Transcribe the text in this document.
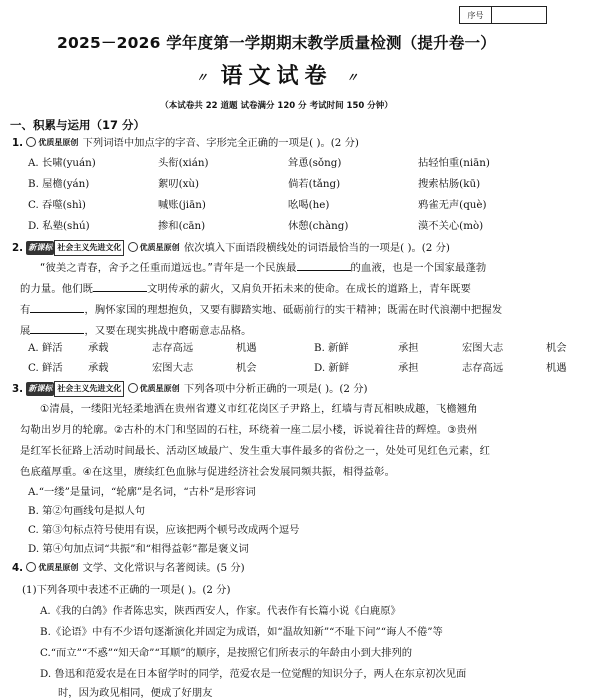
序号
2025－2026 学年度第一学期期末教学质量检测（提升卷一）
〃 语文试卷 〃
（本试卷共 22 道题 试卷满分 120 分 考试时间 150 分钟）
一、积累与运用（17 分）
1. 优质星原创 下列词语中加点字的字音、字形完全正确的一项是( )。(2 分)
A. 长啸(yuán)	头衔(xián)	耸恿(sǒng)	拈轻怕重(niān)
B. 屋檐(yán)	絮叨(xù)	倘若(tǎng)	搜索枯肠(kū)
C. 吞噬(shì)	喊账(jiān)	吆喝(he)	鸦雀无声(què)
D. 私塾(shú)	掺和(cān)	休憩(chàng)	漠不关心(mò)
2. 新课标 社会主义先进文化 优质星原创 依次填入下面语段横线处的词语最恰当的一项是( )。(2 分)

“彼美之青春，舍予之任重而道远也。”青年是一个民族最	的血液，也是一个国家最蓬勃

的力量。他们既	文明传承的薪火，又肩负开拓未来的使命。在成长的道路上，青年既要

有	，胸怀家国的理想抱负，又要有脚踏实地、砥砺前行的实干精神；既需在时代浪潮中把握发

展	，又要在现实挑战中磨砺意志品格。

A. 鲜活	承载	志存高远	机遇	B. 新鲜	承担	宏图大志	机会
C. 鲜活	承载	宏图大志	机会	D. 新鲜	承担	志存高远	机遇
3. 新课标 社会主义先进文化 优质星原创 下列各项中分析正确的一项是( )。(2 分)

①清晨，一缕阳光轻柔地洒在贵州省遵义市红花岗区子尹路上，红墙与青瓦相映成趣，飞檐翘角

勾勒出岁月的轮廓。②古朴的木门和坚固的石柱，环绕着一座二层小楼，诉说着往昔的辉煌。③贵州

是红军长征路上活动时间最长、活动区域最广、发生重大事件最多的省份之一，处处可见红色元素，红

色底蕴厚重。④在这里，赓续红色血脉与促进经济社会发展同频共振，相得益彰。

A.“一缕”是量词，“轮廓”是名词，“古朴”是形容词
B. 第②句画线句是拟人句
C. 第③句标点符号使用有误，应该把两个顿号改成两个逗号
D. 第④句加点词“共振”和“相得益彰”都是褒义词
4. 优质星原创 文学、文化常识与名著阅读。(5 分)
(1)下列各项中表述不正确的一项是( )。(2 分)
A.《我的白鸽》作者陈忠实，陕西西安人，作家。代表作有长篇小说《白鹿原》
B.《论语》中有不少语句逐渐演化并固定为成语，如“温故知新”“不耻下问”“诲人不倦”等
C.“而立”“不惑”“知天命”“耳顺”的顺序，是按照它们所表示的年龄由小到大排列的
D. 鲁迅和范爱农是在日本留学时的同学，范爱农是一位觉醒的知识分子，两人在东京初次见面
时，因为政见相同，便成了好朋友
